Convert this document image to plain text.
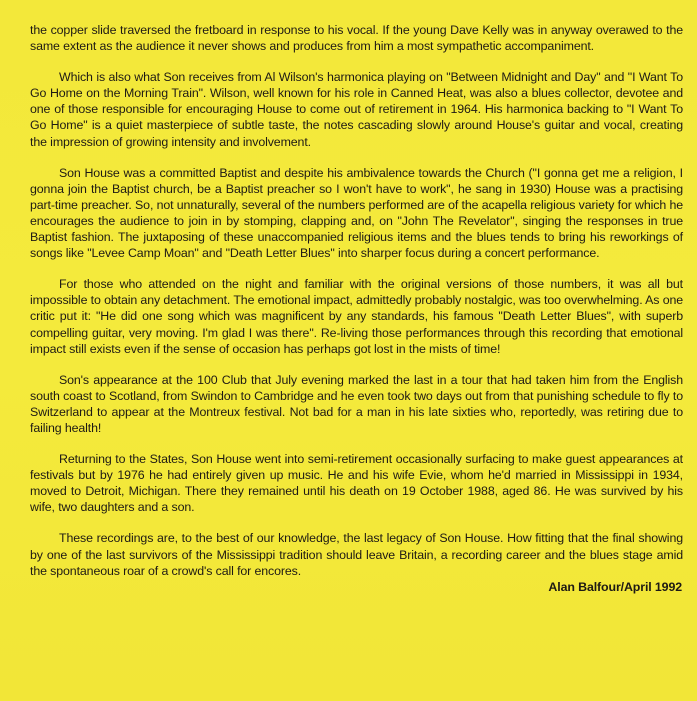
the copper slide traversed the fretboard in response to his vocal. If the young Dave Kelly was in anyway overawed to the same extent as the audience it never shows and produces from him a most sympathetic accompaniment.

Which is also what Son receives from Al Wilson's harmonica playing on "Between Midnight and Day" and "I Want To Go Home on the Morning Train". Wilson, well known for his role in Canned Heat, was also a blues collector, devotee and one of those responsible for encouraging House to come out of retirement in 1964. His harmonica backing to "I Want To Go Home" is a quiet masterpiece of subtle taste, the notes cascading slowly around House's guitar and vocal, creating the impression of growing intensity and involvement.

Son House was a committed Baptist and despite his ambivalence towards the Church ("I gonna get me a religion, I gonna join the Baptist church, be a Baptist preacher so I won't have to work", he sang in 1930) House was a practising part-time preacher. So, not unnaturally, several of the numbers performed are of the acapella religious variety for which he encourages the audience to join in by stomping, clapping and, on "John The Revelator", singing the responses in true Baptist fashion. The juxtaposing of these unaccompanied religious items and the blues tends to bring his reworkings of songs like "Levee Camp Moan" and "Death Letter Blues" into sharper focus during a concert performance.

For those who attended on the night and familiar with the original versions of those numbers, it was all but impossible to obtain any detachment. The emotional impact, admittedly probably nostalgic, was too overwhelming. As one critic put it: "He did one song which was magnificent by any standards, his famous "Death Letter Blues", with superb compelling guitar, very moving. I'm glad I was there". Re-living those performances through this recording that emotional impact still exists even if the sense of occasion has perhaps got lost in the mists of time!

Son's appearance at the 100 Club that July evening marked the last in a tour that had taken him from the English south coast to Scotland, from Swindon to Cambridge and he even took two days out from that punishing schedule to fly to Switzerland to appear at the Montreux festival. Not bad for a man in his late sixties who, reportedly, was retiring due to failing health!

Returning to the States, Son House went into semi-retirement occasionally surfacing to make guest appearances at festivals but by 1976 he had entirely given up music. He and his wife Evie, whom he'd married in Mississippi in 1934, moved to Detroit, Michigan. There they remained until his death on 19 October 1988, aged 86. He was survived by his wife, two daughters and a son.

These recordings are, to the best of our knowledge, the last legacy of Son House. How fitting that the final showing by one of the last survivors of the Mississippi tradition should leave Britain, a recording career and the blues stage amid the spontaneous roar of a crowd's call for encores.

Alan Balfour/April 1992
